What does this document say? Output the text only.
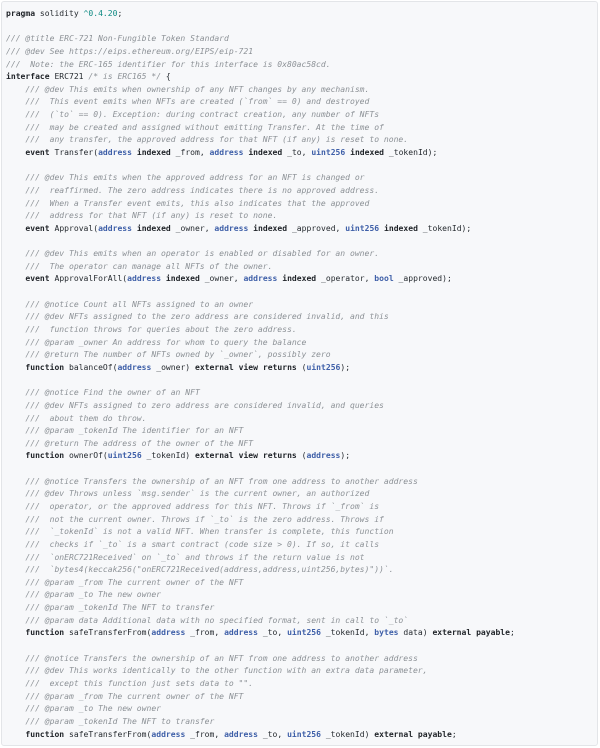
pragma solidity ^0.4.20;

/// @title ERC-721 Non-Fungible Token Standard
/// @dev See https://eips.ethereum.org/EIPS/eip-721
///  Note: the ERC-165 identifier for this interface is 0x80ac58cd.
interface ERC721 /* is ERC165 */ {
/// @dev This emits when ownership of any NFT changes by any mechanism.
///  This event emits when NFTs are created (`from` == 0) and destroyed
///  (`to` == 0). Exception: during contract creation, any number of NFTs
///  may be created and assigned without emitting Transfer. At the time of
///  any transfer, the approved address for that NFT (if any) is reset to none.
event Transfer(address indexed _from, address indexed _to, uint256 indexed _tokenId);

/// @dev This emits when the approved address for an NFT is changed or
///  reaffirmed. The zero address indicates there is no approved address.
///  When a Transfer event emits, this also indicates that the approved
///  address for that NFT (if any) is reset to none.
event Approval(address indexed _owner, address indexed _approved, uint256 indexed _tokenId);

/// @dev This emits when an operator is enabled or disabled for an owner.
///  The operator can manage all NFTs of the owner.
event ApprovalForAll(address indexed _owner, address indexed _operator, bool _approved);

/// @notice Count all NFTs assigned to an owner
/// @dev NFTs assigned to the zero address are considered invalid, and this
///  function throws for queries about the zero address.
/// @param _owner An address for whom to query the balance
/// @return The number of NFTs owned by `_owner`, possibly zero
function balanceOf(address _owner) external view returns (uint256);

/// @notice Find the owner of an NFT
/// @dev NFTs assigned to zero address are considered invalid, and queries
///  about them do throw.
/// @param _tokenId The identifier for an NFT
/// @return The address of the owner of the NFT
function ownerOf(uint256 _tokenId) external view returns (address);

/// @notice Transfers the ownership of an NFT from one address to another address
/// @dev Throws unless `msg.sender` is the current owner, an authorized
///  operator, or the approved address for this NFT. Throws if `_from` is
///  not the current owner. Throws if `_to` is the zero address. Throws if
///  `_tokenId` is not a valid NFT. When transfer is complete, this function
///  checks if `_to` is a smart contract (code size > 0). If so, it calls
///  `onERC721Received` on `_to` and throws if the return value is not
///  `bytes4(keccak256("onERC721Received(address,address,uint256,bytes)"))`.
/// @param _from The current owner of the NFT
/// @param _to The new owner
/// @param _tokenId The NFT to transfer
/// @param data Additional data with no specified format, sent in call to `_to`
function safeTransferFrom(address _from, address _to, uint256 _tokenId, bytes data) external payable;

/// @notice Transfers the ownership of an NFT from one address to another address
/// @dev This works identically to the other function with an extra data parameter,
///  except this function just sets data to "".
/// @param _from The current owner of the NFT
/// @param _to The new owner
/// @param _tokenId The NFT to transfer
function safeTransferFrom(address _from, address _to, uint256 _tokenId) external payable;
